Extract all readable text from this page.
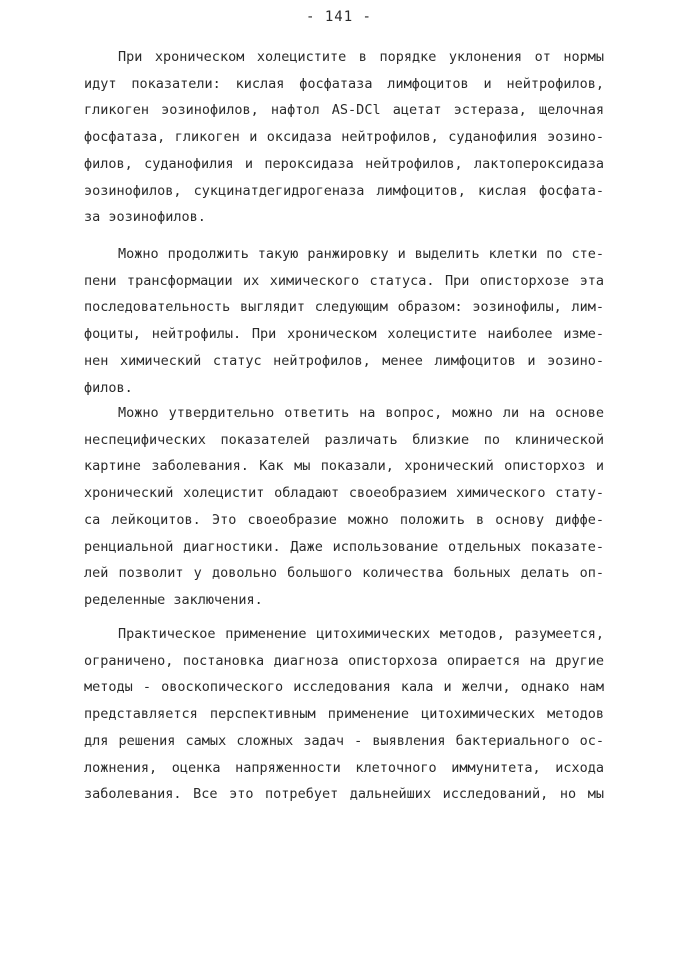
- 141 -
При хроническом холецистите в порядке уклонения от нормы
идут показатели: кислая фосфатаза лимфоцитов и нейтрофилов,
гликоген эозинофилов, нафтол AS-DCl ацетат эстераза, щелочная
фосфатаза, гликоген и оксидаза нейтрофилов, суданофилия эозино-
филов, суданофилия и пероксидаза нейтрофилов, лактопероксидаза
эозинофилов, сукцинатдегидрогеназа лимфоцитов, кислая фосфата-
за эозинофилов.
Можно продолжить такую ранжировку и выделить клетки по сте-
пени трансформации их химического статуса. При описторхозе эта
последовательность выглядит следующим образом: эозинофилы, лим-
фоциты, нейтрофилы. При хроническом холецистите наиболее изме-
нен химический статус нейтрофилов, менее лимфоцитов и эозино-
филов.
Можно утвердительно ответить на вопрос, можно ли на основе
неспецифических показателей различать близкие по клинической
картине заболевания. Как мы показали, хронический описторхоз и
хронический холецистит обладают своеобразием химического стату-
са лейкоцитов. Это своеобразие можно положить в основу диффе-
ренциальной диагностики. Даже использование отдельных показате-
лей позволит у довольно большого количества больных делать оп-
ределенные заключения.
Практическое применение цитохимических методов, разумеется,
ограничено, постановка диагноза описторхоза опирается на другие
методы - овоскопического исследования кала и желчи, однако нам
представляется перспективным применение цитохимических методов
для решения самых сложных задач - выявления бактериального ос-
ложнения, оценка напряженности клеточного иммунитета, исхода
заболевания. Все это потребует дальнейших исследований, но мы
